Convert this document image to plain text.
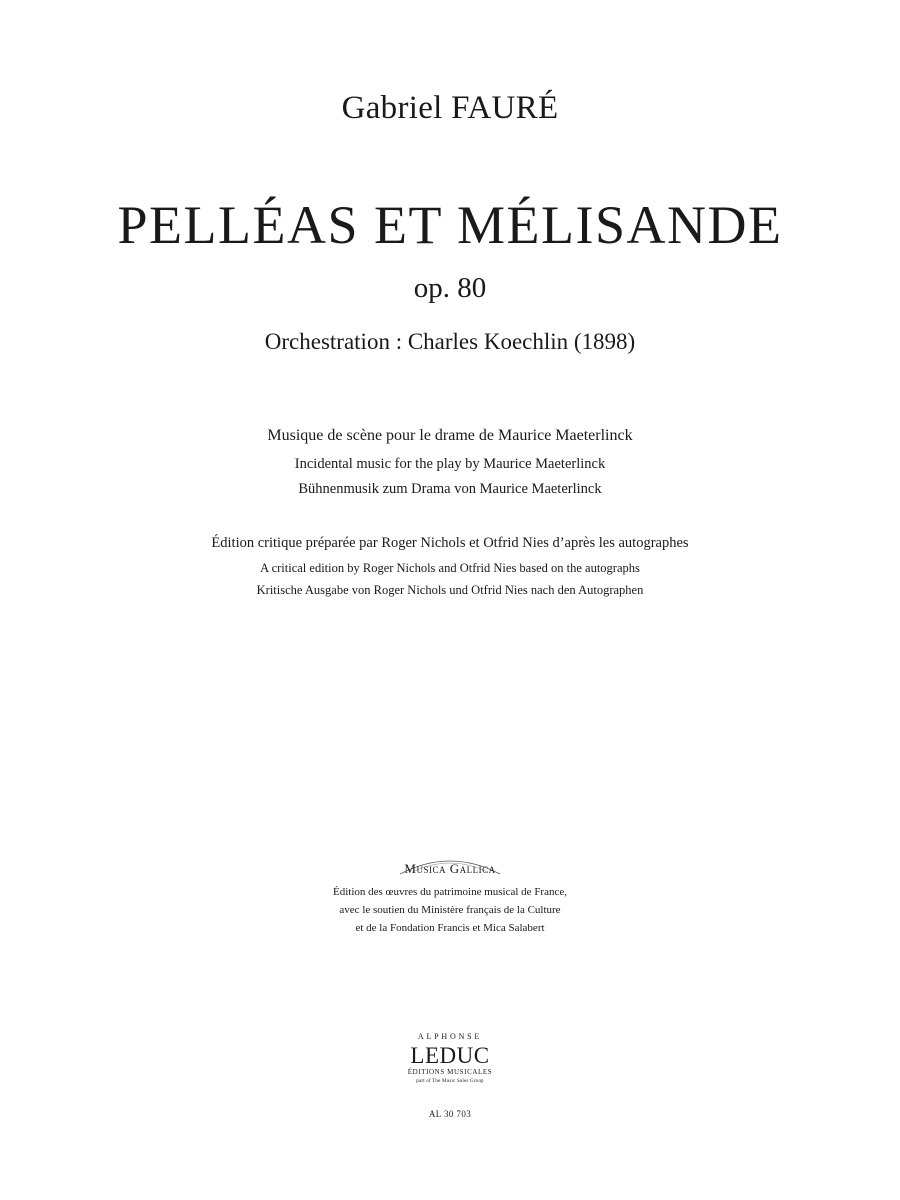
Gabriel FAURÉ
PELLÉAS ET MÉLISANDE
op. 80
Orchestration : Charles Koechlin (1898)
Musique de scène pour le drame de Maurice Maeterlinck
Incidental music for the play by Maurice Maeterlinck
Bühnenmusik zum Drama von Maurice Maeterlinck
Édition critique préparée par Roger Nichols et Otfrid Nies d’après les autographes
A critical edition by Roger Nichols and Otfrid Nies based on the autographs
Kritische Ausgabe von Roger Nichols und Otfrid Nies nach den Autographen
Musica Gallica
Édition des œuvres du patrimoine musical de France,
avec le soutien du Ministère français de la Culture
et de la Fondation Francis et Mica Salabert
ALPHONSE
LEDUC
ÉDITIONS MUSICALES
part of The Music Sales Group
AL 30 703
